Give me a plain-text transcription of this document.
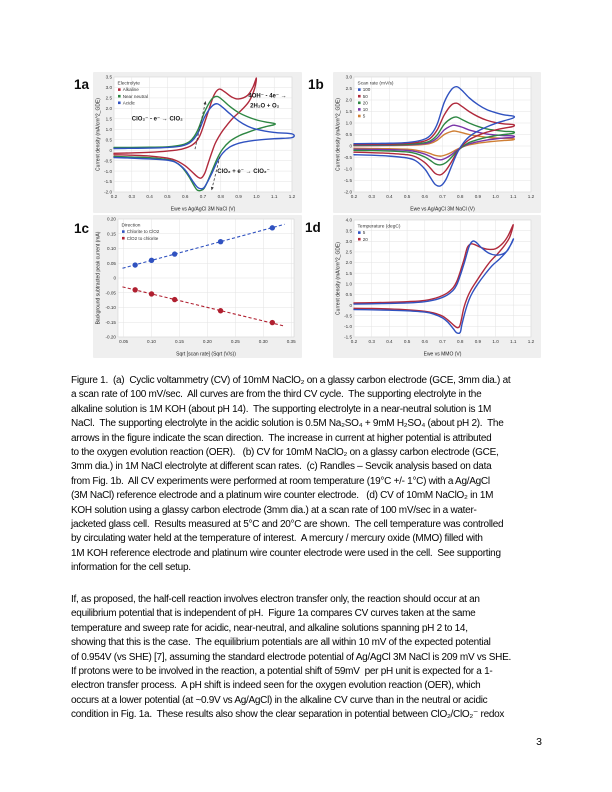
1a
0.2 0.3 0.4 0.5 0.6 0.7 0.8 0.9 1.0 1.1 1.2
3.5
3.0
2.5
2.0
1.5
1.0
0.5
0
-0.5
-1.0
-1.5
-2.0
Ewe vs Ag/AgCl 3M NaCl (V)
Current density (mA/cm^2_GDE)	ClO₂⁻ - e⁻ → ClO₂
4OH⁻ - 4e⁻ →
2H₂O + O₂
ClO₂ + e⁻ → ClO₂⁻
Electrolyte
Alkaline
Near neutral
Acidic
1b
0.2 0.3 0.4 0.5 0.6 0.7 0.8 0.9 1.0 1.1 1.2
3.0
2.5
2.0
1.5
1.0
0.5
0
-0.5
-1.0
-1.5
-2.0
Ewe vs Ag/AgCl 3M NaCl (V)
Current density (mA/cm^2_GDE)
Scan rate (mV/s)
100
50
20
10
5
1c
0.05	0.10	0.15	0.20	0.25	0.30	0.35
0.20
0.15
0.10
0.05
0
-0.05
-0.10
-0.15
-0.20
Sqrt [scan rate] (Sqrt (V/s))
Background subtracted peak current (mA)
Direction
Chlorite to ClO2
ClO2 to chlorite
1d
0.2 0.3 0.4 0.5 0.6 0.7 0.8 0.9 1.0 1.1 1.2
4.0
3.5
3.0
2.5
2.0
1.5
1.0
0.5
0
-0.5
-1.0
-1.5
Ewe vs MMO (V)
Current density (mA/cm^2_GDE)
Temperature (degC)
5
20
Figure 1.  (a)  Cyclic voltammetry (CV) of 10mM NaClO₂ on a glassy carbon electrode (GCE, 3mm dia.) at
a scan rate of 100 mV/sec.  All curves are from the third CV cycle.  The supporting electrolyte in the
alkaline solution is 1M KOH (about pH 14).  The supporting electrolyte in a near-neutral solution is 1M
NaCl.  The supporting electrolyte in the acidic solution is 0.5M Na₂SO₄ + 9mM H₂SO₄ (about pH 2).  The
arrows in the figure indicate the scan direction.  The increase in current at higher potential is attributed
to the oxygen evolution reaction (OER).   (b) CV for 10mM NaClO₂ on a glassy carbon electrode (GCE,
3mm dia.) in 1M NaCl electrolyte at different scan rates.  (c) Randles – Sevcik analysis based on data
from Fig. 1b.  All CV experiments were performed at room temperature (19°C +/- 1°C) with a Ag/AgCl
(3M NaCl) reference electrode and a platinum wire counter electrode.   (d) CV of 10mM NaClO₂ in 1M
KOH solution using a glassy carbon electrode (3mm dia.) at a scan rate of 100 mV/sec in a water-
jacketed glass cell.  Results measured at 5°C and 20°C are shown.  The cell temperature was controlled
by circulating water held at the temperature of interest.  A mercury / mercury oxide (MMO) filled with
1M KOH reference electrode and platinum wire counter electrode were used in the cell.  See supporting
information for the cell setup.
If, as proposed, the half-cell reaction involves electron transfer only, the reaction should occur at an
equilibrium potential that is independent of pH.  Figure 1a compares CV curves taken at the same
temperature and sweep rate for acidic, near-neutral, and alkaline solutions spanning pH 2 to 14,
showing that this is the case.  The equilibrium potentials are all within 10 mV of the expected potential
of 0.954V (vs SHE) [7], assuming the standard electrode potential of Ag/AgCl 3M NaCl is 209 mV vs SHE.
If protons were to be involved in the reaction, a potential shift of 59mV  per pH unit is expected for a 1-
electron transfer process.  A pH shift is indeed seen for the oxygen evolution reaction (OER), which
occurs at a lower potential (at ~0.9V vs Ag/AgCl) in the alkaline CV curve than in the neutral or acidic
condition in Fig. 1a.  These results also show the clear separation in potential between ClO₂/ClO₂⁻ redox
3
